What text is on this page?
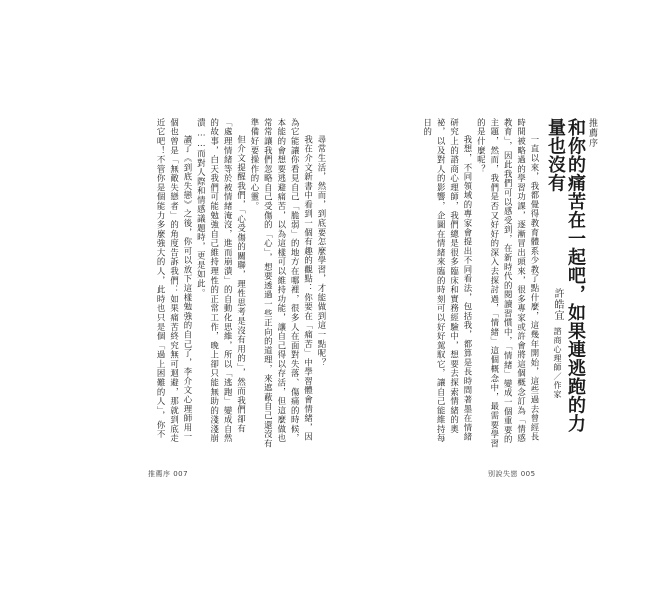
推薦序
和你的痛苦在一起吧，如果連逃跑的力量也沒有
許皓宜諮商心理師／作家

一直以來，我都覺得教育體系少教了點什麼，這幾年開始，這些過去曾經長時間被略過的學習功課，逐漸冒出頭來，很多專家或許會將這個概念訂為「情感教育」，因此我們可以感受到，在新時代的閱讀習慣中，「情緒」變成一個重要的主題，然而，我們是否又好好的深入去探討過，「情緒」這個概念中，最需要學習的是什麼呢？

我想，不同領域的專家會提出不同看法，包括我，都算是長時間著墨在情緒研究上的諮商心理師，我們總是很多臨床和實務經驗中，想要去探索情緒的奧祕，以及對人的影響，企圖在情緒來臨的時刻可以好好駕馭它，讓自己能維持每日的

别說失戀 005

尋常生活，然而，到底要怎麼學習，才能做到這一點呢？

我在介文新書中看到一個有趣的觀點：你要在「痛苦」中學習體會情緒，因為它能讓你看見自己「脆弱」的地方在哪裡，很多人在面對失落、傷痛的時候，本能的會想要逃避痛苦，以為這樣可以維持功能，讓自己得以存活，但這麼做也常常讓我們忽略自己受傷的「心」，想要透過一些正向的道理，來遮蔽自己還沒有準備好要操作的心靈。

但介文提醒我們，「心受傷的關聯，理性思考是沒有用的」，然而我們卻有「處理情緒等於被情緒淹沒，進而崩潰」的自動化思維，所以「逃跑」變成自然的故事，白天我們可能勉強自己維持理性的正常工作，晚上卻只能無助的淺淺崩潰……而對人際和情感議題時，更是如此。

讀了《到底失戀》之後，你可以放下這樣勉強的自己了，李介文心理師用一個也曾是「無敵失戀者」的角度告訴我們：如果痛苦終究無可迴避，那就到底走近它吧！不管你是個能力多麼強大的人，此時也只是個「過上困難的人」，你不

推薦序 007
